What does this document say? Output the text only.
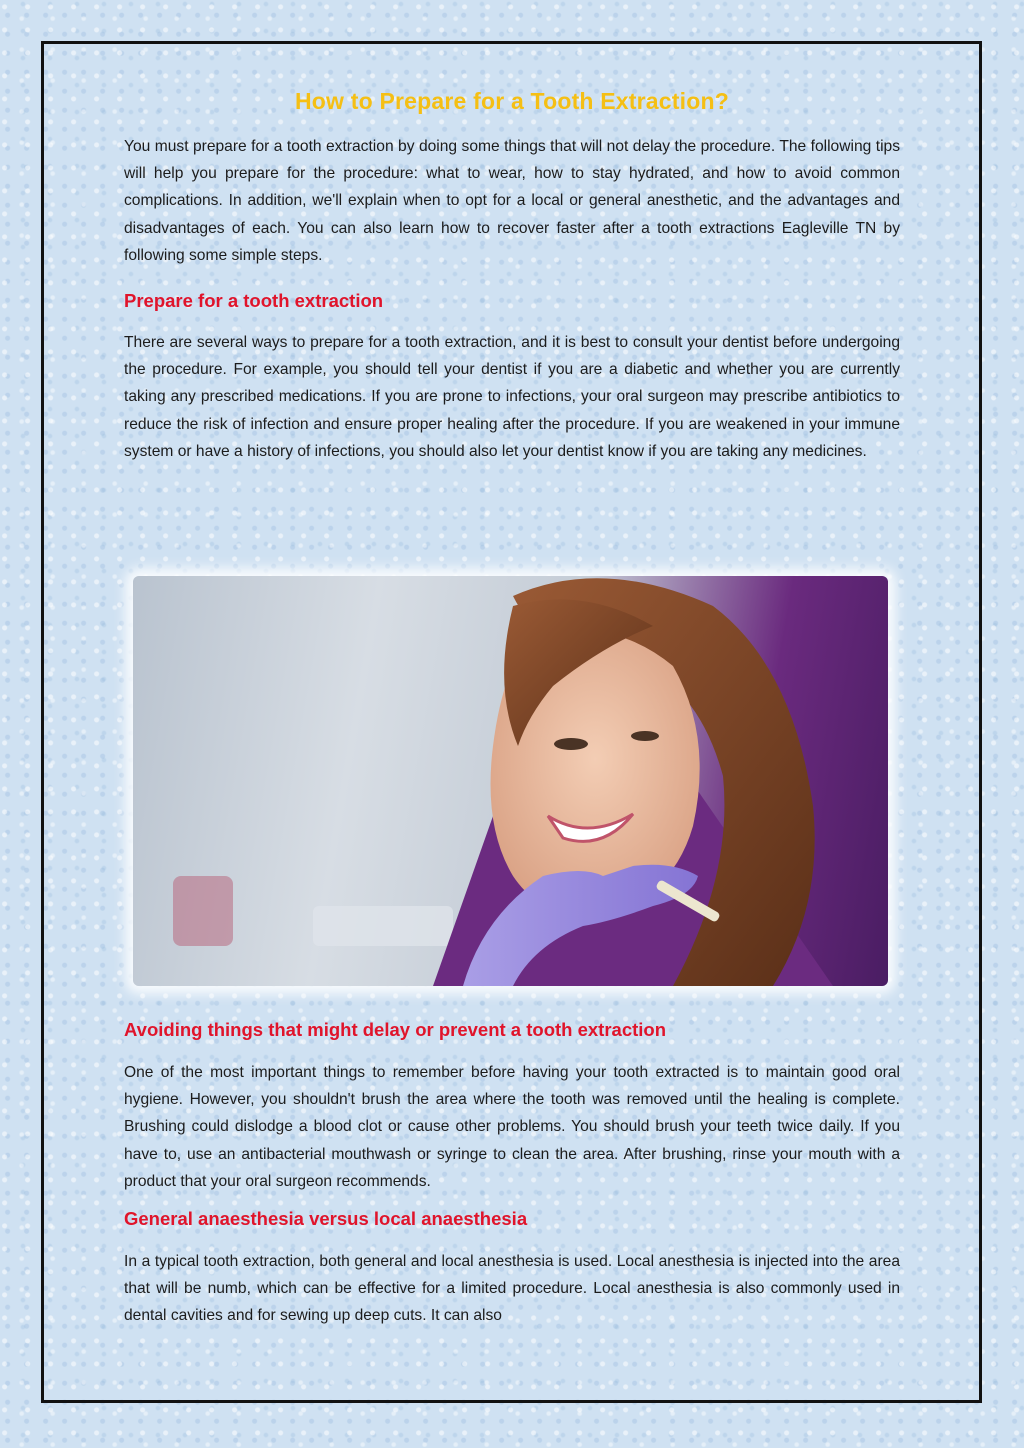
How to Prepare for a Tooth Extraction?

You must prepare for a tooth extraction by doing some things that will not delay the procedure. The following tips will help you prepare for the procedure: what to wear, how to stay hydrated, and how to avoid common complications. In addition, we'll explain when to opt for a local or general anesthetic, and the advantages and disadvantages of each. You can also learn how to recover faster after a tooth extractions Eagleville TN by following some simple steps.

Prepare for a tooth extraction

There are several ways to prepare for a tooth extraction, and it is best to consult your dentist before undergoing the procedure. For example, you should tell your dentist if you are a diabetic and whether you are currently taking any prescribed medications. If you are prone to infections, your oral surgeon may prescribe antibiotics to reduce the risk of infection and ensure proper healing after the procedure. If you are weakened in your immune system or have a history of infections, you should also let your dentist know if you are taking any medicines.

Avoiding things that might delay or prevent a tooth extraction

One of the most important things to remember before having your tooth extracted is to maintain good oral hygiene. However, you shouldn't brush the area where the tooth was removed until the healing is complete. Brushing could dislodge a blood clot or cause other problems. You should brush your teeth twice daily. If you have to, use an antibacterial mouthwash or syringe to clean the area. After brushing, rinse your mouth with a product that your oral surgeon recommends.

General anaesthesia versus local anaesthesia

In a typical tooth extraction, both general and local anesthesia is used. Local anesthesia is injected into the area that will be numb, which can be effective for a limited procedure. Local anesthesia is also commonly used in dental cavities and for sewing up deep cuts. It can also
